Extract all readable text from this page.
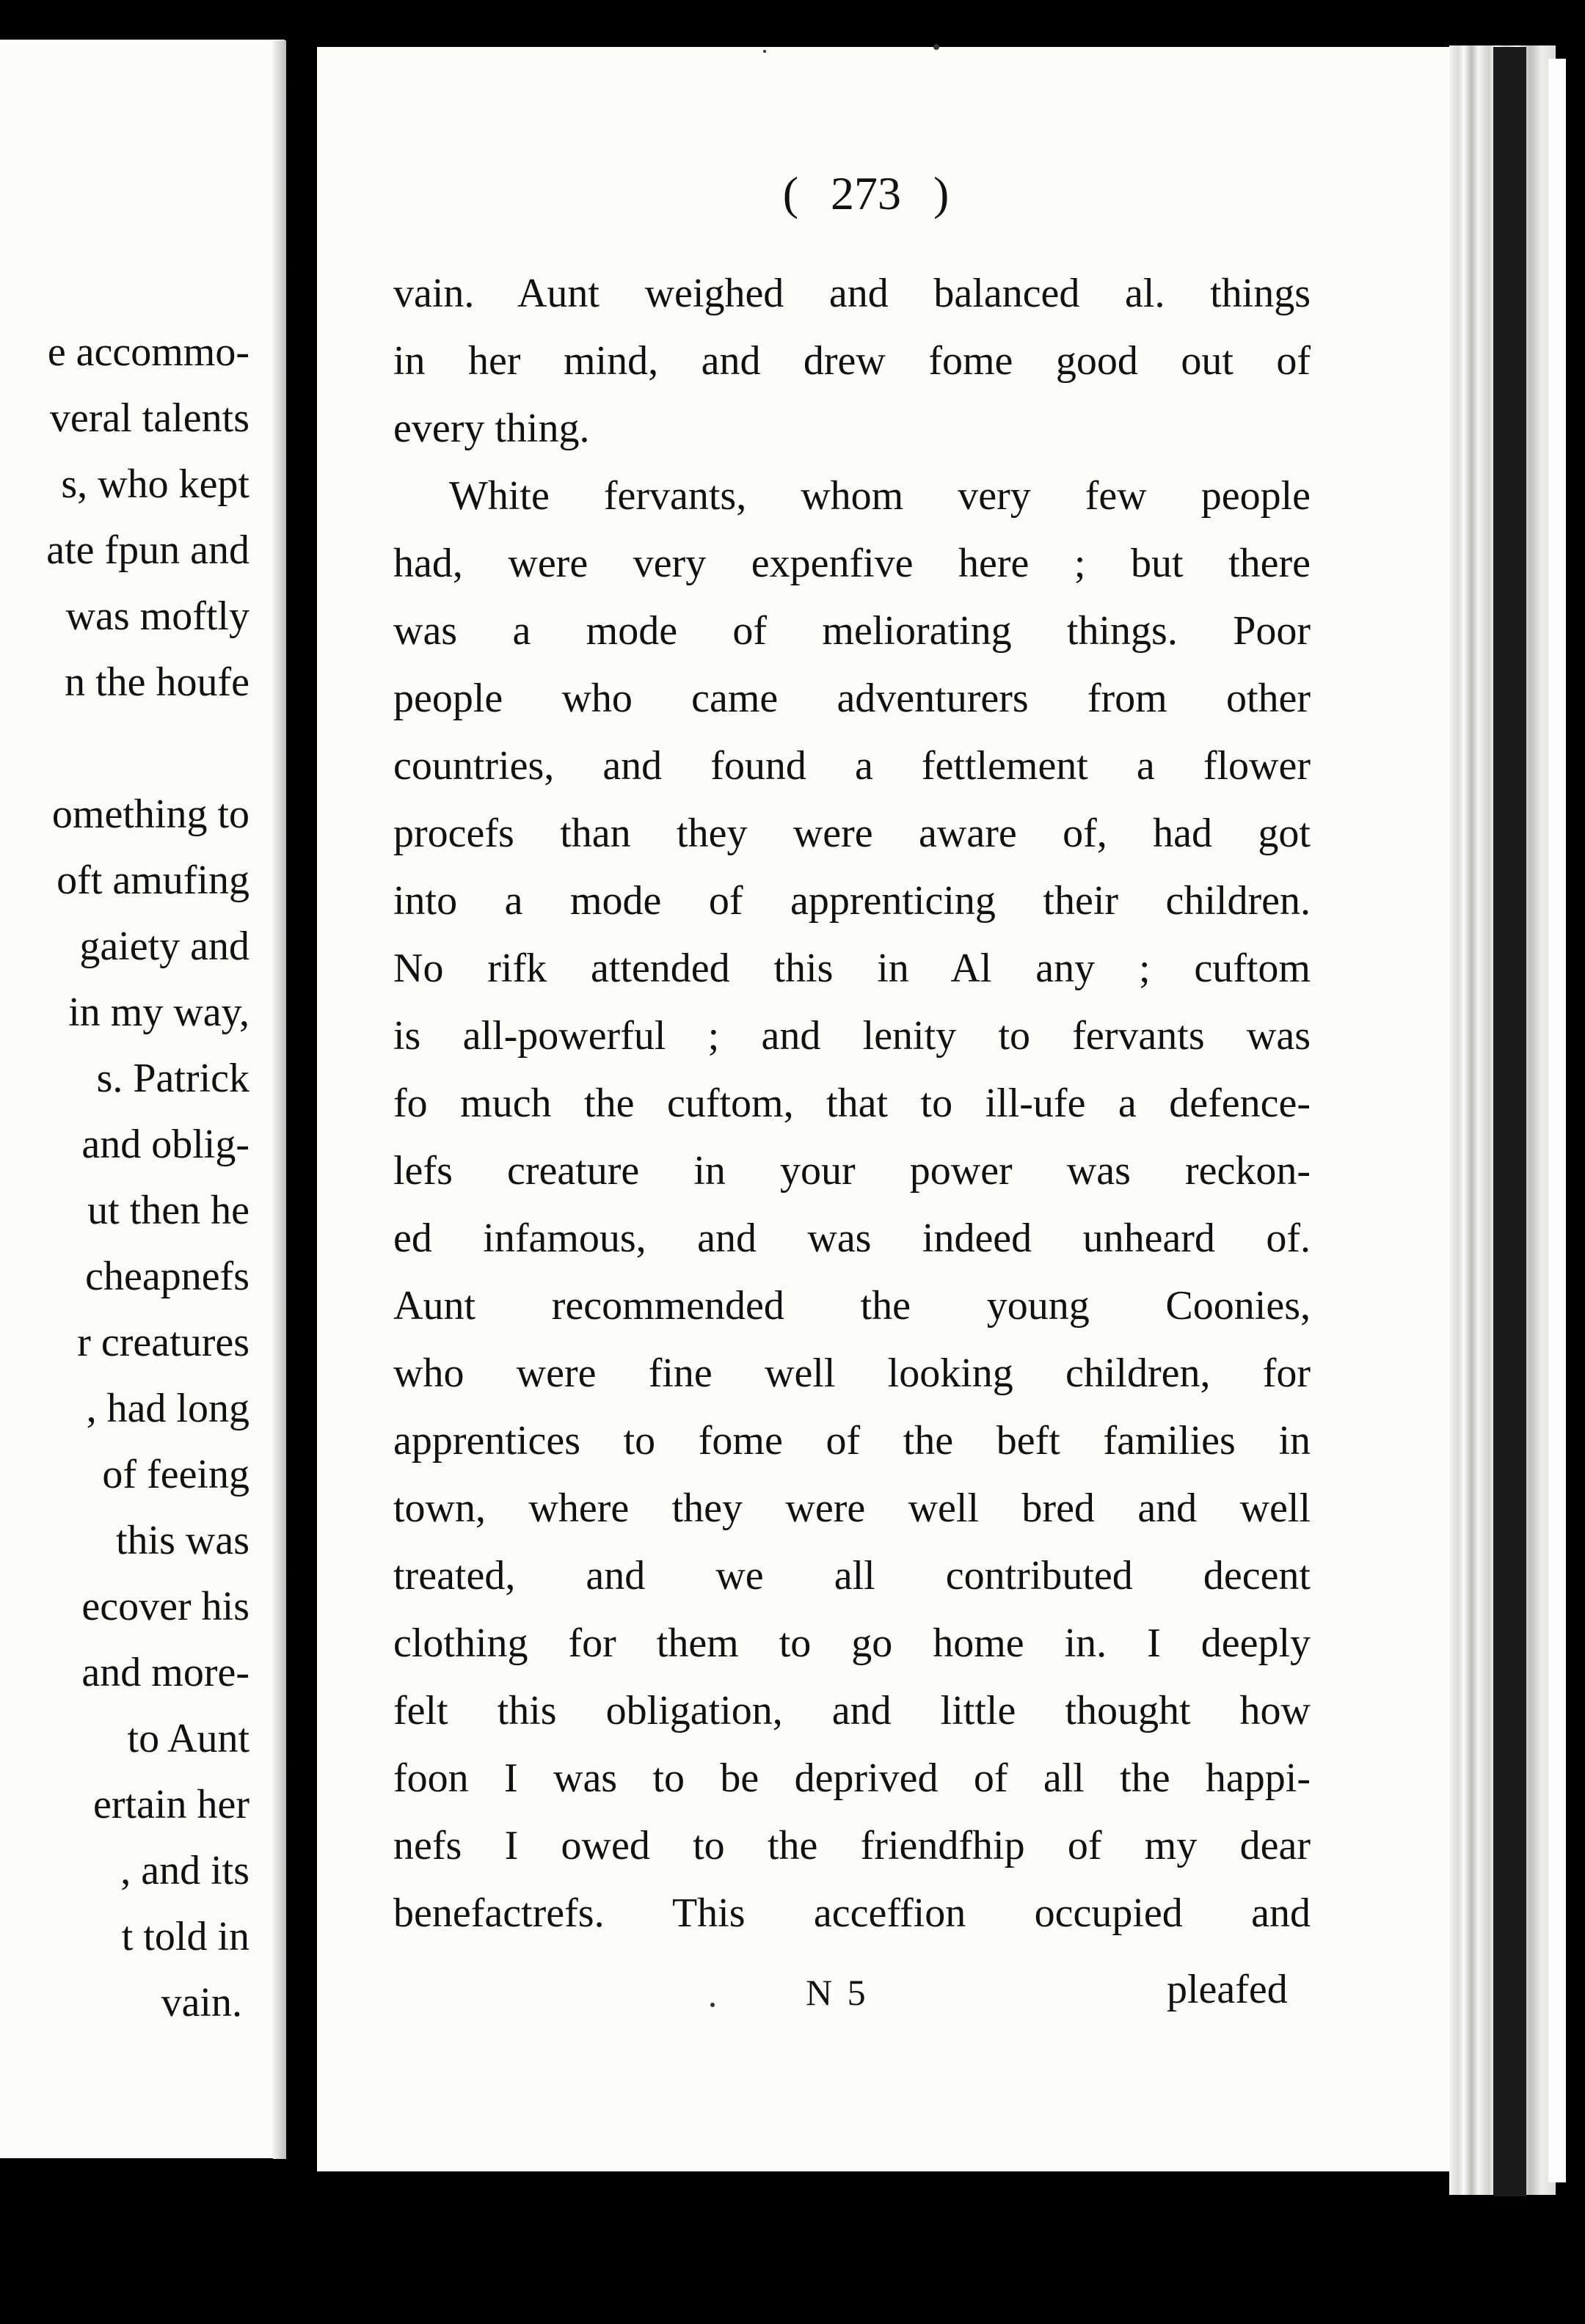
e accommo-
veral talents
s, who kept
ate fpun and
was moftly
n the houfe
omething to
oft amufing
gaiety and
in my way,
s. Patrick
and oblig-
ut then he
cheapnefs
r creatures
, had long
of feeing
this was
ecover his
and more-
to Aunt
ertain her
, and its
t told in
vain.
( 273 )
vain. Aunt weighed and balanced al. things
in her mind, and drew fome good out of
every thing.
White fervants, whom very few people
had, were very expenfive here ; but there
was a mode of meliorating things. Poor
people who came adventurers from other
countries, and found a fettlement a flower
procefs than they were aware of, had got
into a mode of apprenticing their children.
No rifk attended this in Al any ; cuftom
is all-powerful ; and lenity to fervants was
fo much the cuftom, that to ill-ufe a defence-
lefs creature in your power was reckon-
ed infamous, and was indeed unheard of.
Aunt recommended the young Coonies,
who were fine well looking children, for
apprentices to fome of the beft families in
town, where they were well bred and well
treated, and we all contributed decent
clothing for them to go home in. I deeply
felt this obligation, and little thought how
foon I was to be deprived of all the happi-
nefs I owed to the friendfhip of my dear
benefactrefs. This acceffion occupied and
N 5	pleafed
